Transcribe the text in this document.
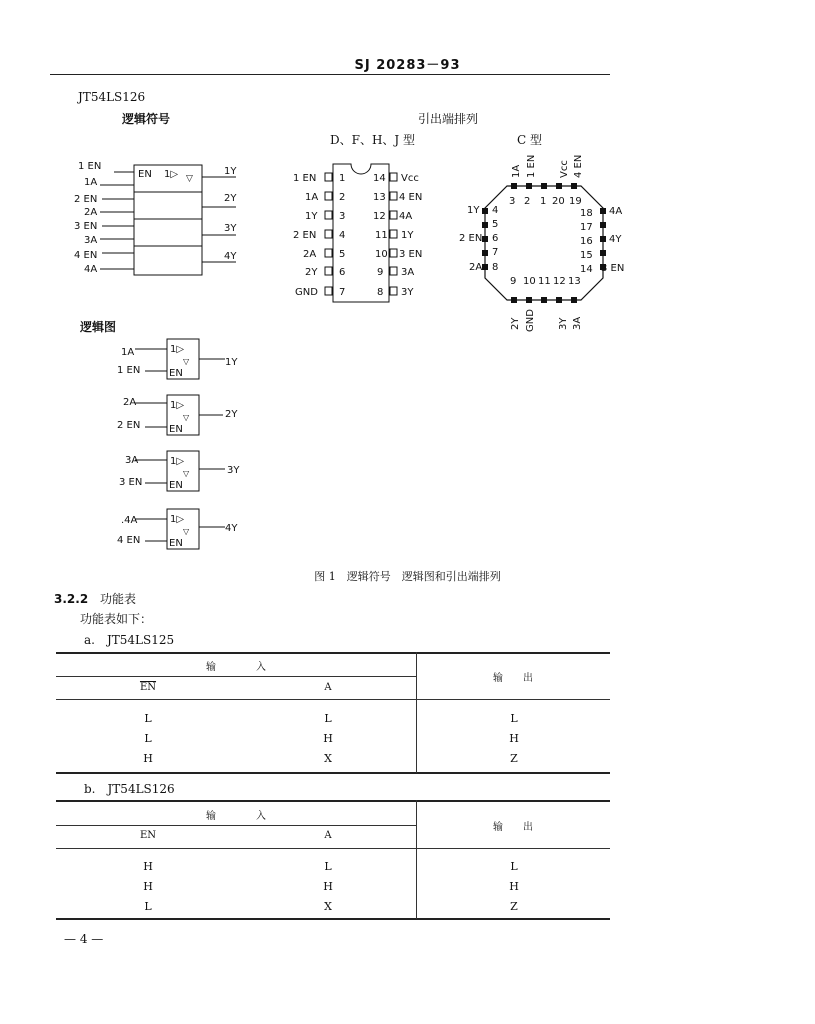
SJ 20283－93
JT54LS126
逻辑符号	引出端排列
D、F、H、J 型	C 型
EN 1▷ ▽
1 EN
1A
2 EN
2A
3 EN
3A
4 EN
4A
1Y
2Y
3Y
4Y
1 EN
1A
1Y
2 EN
2A
2Y
GND
1
2
3
4
5
6
7
14
13
12
11
10
9
8
Vcc
4 EN
4A
1Y
3 EN
3A
3Y
1A 1 EN Vcc 4 EN
3 2 1 20 19
1Y
2 EN
2A
4
5
6
7
8
18
17
16
15
14
4A
4Y
3 EN
9 10 11 12 13
2Y GND 3Y 3A
逻辑图
1▷
▽
EN
1A
1 EN
1Y
1▷
▽
EN
2A
2 EN
2Y
1▷
▽
EN
3A
3 EN
3Y
1▷
▽
EN
.4A
4 EN
4Y
图 1　逻辑符号　逻辑图和引出端排列
3.2.2 功能表
功能表如下：
a.　JT54LS125
输　　　　入
输　　出
$\overline{EN}$	A
L		L		L
L		H		H
H		X		Z
b.　JT54LS126
输　　　　入
输　　出
EN	A
H		L		L
H		H		H
L		X		Z
— 4 —
